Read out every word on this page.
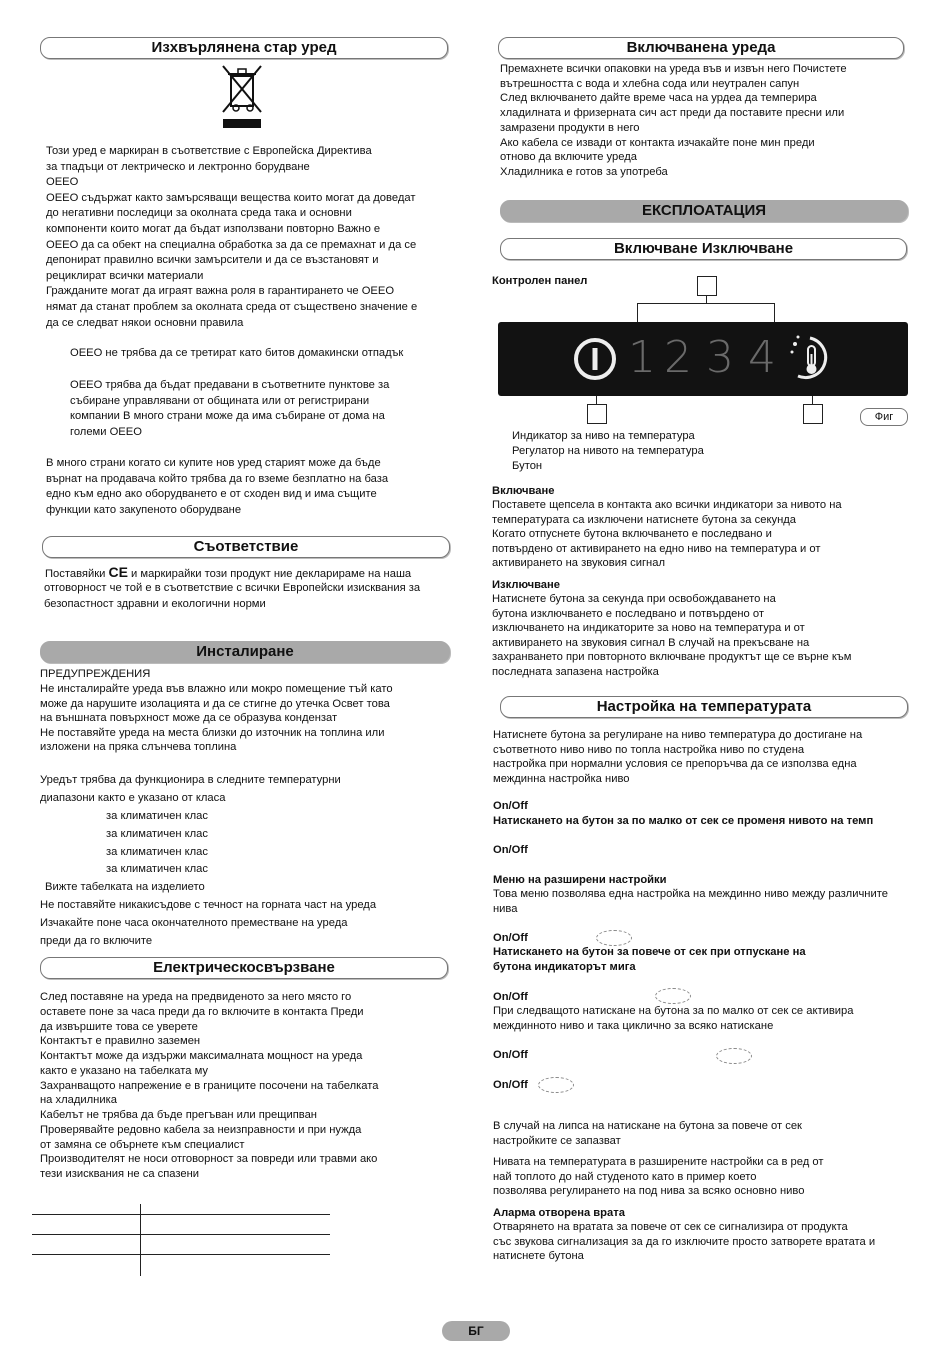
Изхвърлянена стар уред
Този уред е маркиран в съответствие с Европейска Директива
за тпадъци от лектрическо и лектронно борудване
ОЕЕО
ОЕЕО съдържат както замърсяващи вещества които могат да доведат
до негативни последици за околната среда така и основни
компоненти които могат да бъдат използвани повторно Важно е
ОЕЕО да са обект на специална обработка за да се премахнат и да се
депонират правилно всички замърсители и да се възстановят и
рециклират всички материали
Гражданите могат да играят важна роля в гарантирането че ОЕЕО
нямат да станат проблем за околната среда от съществено значение е
да се следват някои основни правила
ОЕЕО не трябва да се третират като битов домакински отпадък
ОЕЕО трябва да бъдат предавани в съответните пунктове за
събиране управлявани от общината или от регистрирани
компании В много страни може да има събиране от дома на
големи ОЕЕО
В много страни когато си купите нов уред старият може да бъде
върнат на продавача който трябва да го вземе безплатно на база
едно към едно ако оборудването е от сходен вид и има същите
функции като закупеното оборудване
Съответствие
Поставяйки CE и маркирайки този продукт ние декларираме на наша
отговорност че той е в съответствие с всички Европейски изисквания за
безопастност здравни и екологични норми
Инсталиране
ПРЕДУПРЕЖДЕНИЯ
Не инсталирайте уреда във влажно или мокро помещение тъй като
може да нарушите изолацията и да се стигне до утечка Освет това
на външната повърхност може да се образува кондензат
Не поставяйте уреда на места близки до източник на топлина или
изложени на пряка слънчева топлина
Уредът трябва да функционира в следните температурни
диапазони както е указано от класа
за климатичен клас
за климатичен клас
за климатичен клас
за климатичен клас
Вижте табелката на изделието
Не поставяйте никакисъдове с течност на горната част на уреда
Изчакайте поне часа окончателното преместване на уреда
преди да го включите
Електрическосвързване
След поставяне на уреда на предвиденото за него място го
оставете поне за часа преди да го включите в контакта Преди
да извършите това се уверете
Контактът е правилно заземен
Контактът може да издържи максималната мощност на уреда
както е указано на табелката му
Захранващото напрежение е в границите посочени на табелката
на хладилника
Кабелът не трябва да бъде прегъван или прещипван
Проверявайте редовно кабела за неизправности и при нужда
от замяна се обърнете към специалист
Производителят не носи отговорност за повреди или травми ако
тези изисквания не са спазени
Включванена уреда
Премахнете всички опаковки на уреда във и извън него Почистете
вътрешността с вода и хлебна сода или неутрален сапун
След включването дайте време часа на урдеа да темперира
хладилната и фризерната сич аст преди да поставите пресни или
замразени продукти в него
Ако кабела се извади от контакта изчакайте поне мин преди
отново да включите уреда
Хладилника е готов за употреба
ЕКСПЛОАТАЦИЯ
Включване Изключване
Контролен панел
1 2 3 4
Фиг
Индикатор за ниво на температура
Регулатор на нивото на температура
Бутон
Включване
Поставете щепсела в контакта ако всички индикатори за нивото на
температурата са изключени натиснете бутона за секунда
Когато отпуснете бутона включването е последвано и
потвърдено от активирането на едно ниво на температура и от
активирането на звуковия сигнал
Изключване
Натиснете бутона за секунда при освобождаването на
бутона изключването е последвано и потвърдено от
изключването на индикаторите за ново на температура и от
активирането на звуковия сигнал В случай на прекъсване на
захранването при повторното включване продуктът ще се върне към
последната запазена настройка
Настройка на температурата
Натиснете бутона за регулиране на ниво температура до достигане на
съответното ниво ниво по топла настройка ниво по студена
настройка при нормални условия се препоръчва да се използва една
междинна настройка ниво
On/Off
Натискането на бутон за по малко от сек се променя нивото на темп
On/Off
Меню на разширени настройки
Това меню позволява една настройка на междинно ниво между различните
нива
On/Off
Натискането на бутон за повече от сек при отпускане на
бутона индикаторът мига
On/Off
При следващото натискане на бутона за по малко от сек се активира
междинното ниво и така циклично за всяко натискане
On/Off
On/Off
В случай на липса на натискане на бутона за повече от сек
настройките се запазват
Нивата на температурата в разширените настройки са в ред от
най топлото до най студеното като в пример което
позволява регулирането на под нива за всяко основно ниво
Аларма отворена врата
Отварянето на вратата за повече от сек се сигнализира от продукта
със звукова сигнализация за да го изключите просто затворете вратата и
натиснете бутона
БГ
